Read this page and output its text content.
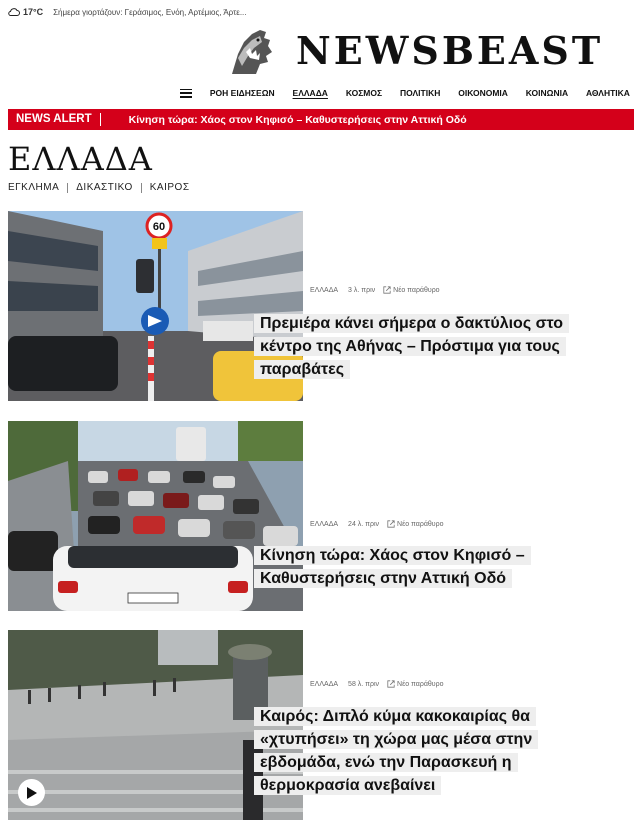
17°C Σήμερα γιορτάζουν: Γεράσιμος, Ενόη, Αρτέμιος, Άρτε...
NEWSBEAST
ΡΟΗ ΕΙΔΗΣΕΩΝ ΕΛΛΑΔΑ ΚΟΣΜΟΣ ΠΟΛΙΤΙΚΗ ΟΙΚΟΝΟΜΙΑ ΚΟΙΝΩΝΙΑ ΑΘΛΗΤΙΚΑ
NEWS ALERT	Κίνηση τώρα: Χάος στον Κηφισό – Καθυστερήσεις στην Αττική Οδό
ΕΛΛΑΔΑ
ΕΓΚΛΗΜΑ ΔΙΚΑΣΤΙΚΟ ΚΑΙΡΟΣ
60
ΕΛΛΑΔΑ 3 λ. πριν	Νέο παράθυρο
Πρεμιέρα κάνει σήμερα ο δακτύλιος στο κέντρο της Αθήνας – Πρόστιμα για τους παραβάτες
ΕΛΛΑΔΑ 24 λ. πριν	Νέο παράθυρο
Κίνηση τώρα: Χάος στον Κηφισό – Καθυστερήσεις στην Αττική Οδό
ΕΛΛΑΔΑ 58 λ. πριν	Νέο παράθυρο
Καιρός: Διπλό κύμα κακοκαιρίας θα «χτυπήσει» τη χώρα μας μέσα στην εβδομάδα, ενώ την Παρασκευή η θερμοκρασία ανεβαίνει
